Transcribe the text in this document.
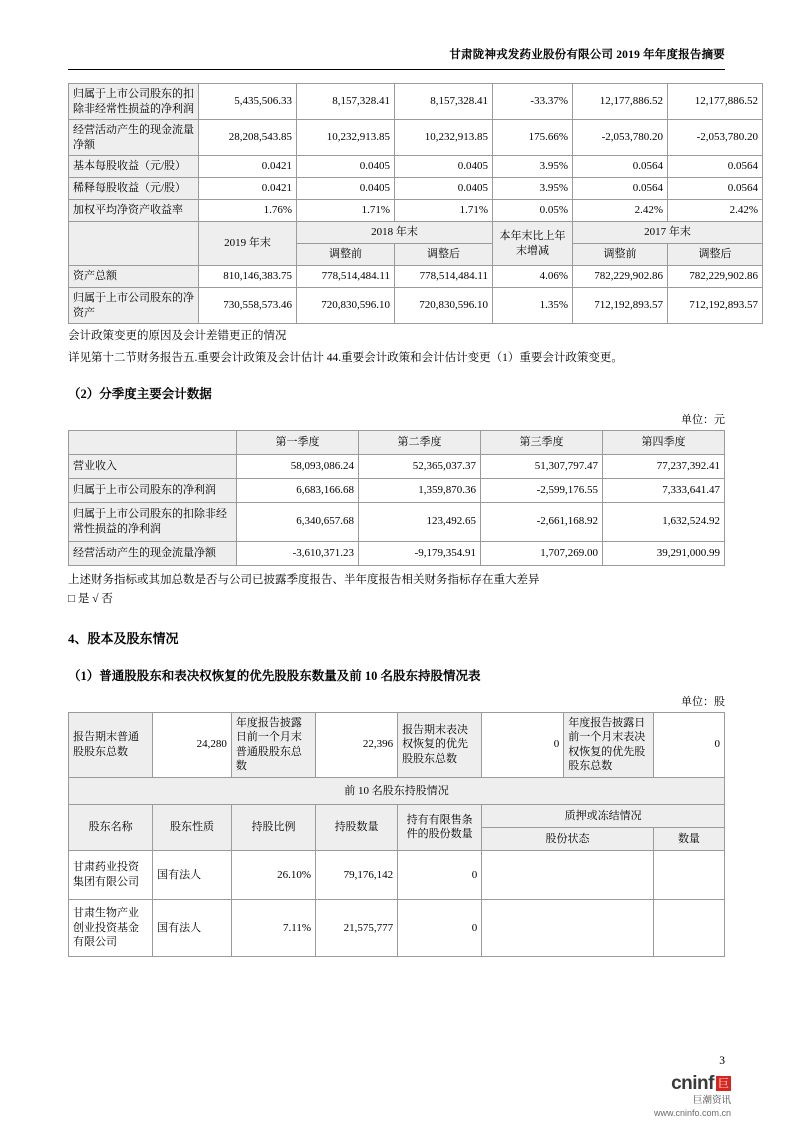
甘肃陇神戎发药业股份有限公司 2019 年年度报告摘要
归属于上市公司股东的扣除非经常性损益的净利润	5,435,506.33	8,157,328.41	8,157,328.41	-33.37%	12,177,886.52	12,177,886.52
经营活动产生的现金流量净额	28,208,543.85	10,232,913.85	10,232,913.85	175.66%	-2,053,780.20	-2,053,780.20
基本每股收益（元/股）	0.0421	0.0405	0.0405	3.95%	0.0564	0.0564
稀释每股收益（元/股）	0.0421	0.0405	0.0405	3.95%	0.0564	0.0564
加权平均净资产收益率	1.76%	1.71%	1.71%	0.05%	2.42%	2.42%
	2019 年末	2018 年末		本年末比上年末增减	2017 年末	
		调整前	调整后		调整前	调整后
资产总额	810,146,383.75	778,514,484.11	778,514,484.11	4.06%	782,229,902.86	782,229,902.86
归属于上市公司股东的净资产	730,558,573.46	720,830,596.10	720,830,596.10	1.35%	712,192,893.57	712,192,893.57

会计政策变更的原因及会计差错更正的情况

详见第十二节财务报告五.重要会计政策及会计估计 44.重要会计政策和会计估计变更（1）重要会计政策变更。

（2）分季度主要会计数据

单位：元
	第一季度	第二季度	第三季度	第四季度
营业收入	58,093,086.24	52,365,037.37	51,307,797.47	77,237,392.41
归属于上市公司股东的净利润	6,683,166.68	1,359,870.36	-2,599,176.55	7,333,641.47
归属于上市公司股东的扣除非经常性损益的净利润	6,340,657.68	123,492.65	-2,661,168.92	1,632,524.92
经营活动产生的现金流量净额	-3,610,371.23	-9,179,354.91	1,707,269.00	39,291,000.99

上述财务指标或其加总数是否与公司已披露季度报告、半年度报告相关财务指标存在重大差异

□ 是 √ 否

4、股本及股东情况

（1）普通股股东和表决权恢复的优先股股东数量及前 10 名股东持股情况表

单位：股
报告期末普通股股东总数	24,280	年度报告披露日前一个月末普通股股东总数	22,396	报告期末表决权恢复的优先股股东总数	0	年度报告披露日前一个月末表决权恢复的优先股股东总数	0
前 10 名股东持股情况							
股东名称	股东性质	持股比例	持股数量	持有有限售条件的股份数量	质押或冻结情况		
					股份状态		数量
甘肃药业投资集团有限公司	国有法人	26.10%	79,176,142	0			
甘肃生物产业创业投资基金有限公司	国有法人	7.11%	21,575,777	0			
3
cninf 巨
巨潮资讯
www.cninfo.com.cn
